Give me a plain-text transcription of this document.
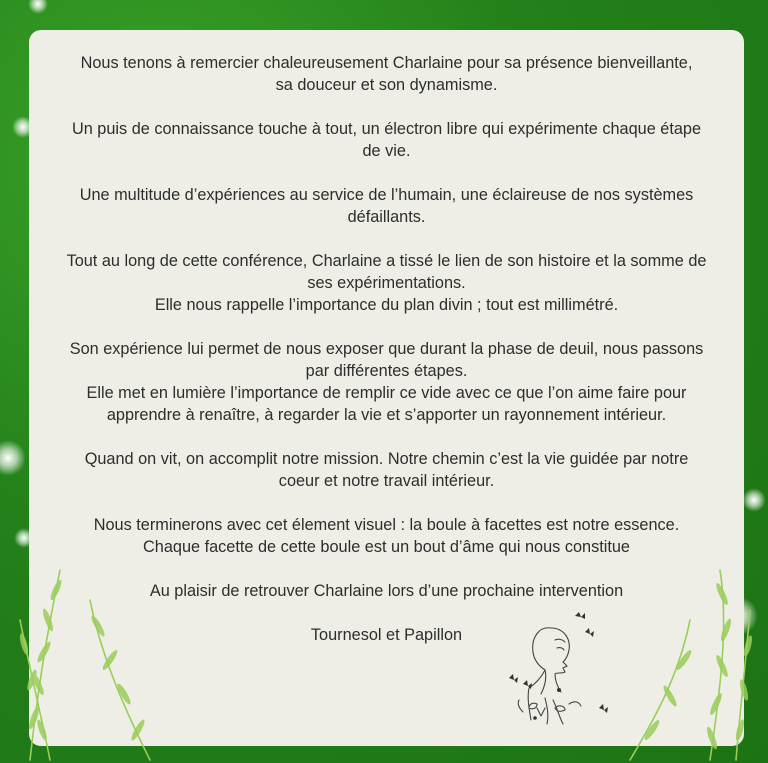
Nous tenons à remercier chaleureusement Charlaine pour sa présence bienveillante,
sa douceur et son dynamisme.

Un puis de connaissance touche à tout, un électron libre qui expérimente chaque étape
de vie.

Une multitude d’expériences au service de l’humain, une éclaireuse de nos systèmes
défaillants.

Tout au long de cette conférence, Charlaine a tissé le lien de son histoire et la somme de
ses expérimentations.
Elle nous rappelle l’importance du plan divin ; tout est millimétré.

Son expérience lui permet de nous exposer que durant la phase de deuil, nous passons
par différentes étapes.
Elle met en lumière l’importance de remplir ce vide avec ce que l’on aime faire pour
apprendre à renaître, à regarder la vie et s’apporter un rayonnement intérieur.

Quand on vit, on accomplit notre mission. Notre chemin c’est la vie guidée par notre
coeur et notre travail intérieur.

Nous terminerons avec cet élement visuel : la boule à facettes est notre essence.
Chaque facette de cette boule est un bout d’âme qui nous constitue

Au plaisir de retrouver Charlaine lors d’une prochaine intervention

Tournesol et Papillon
